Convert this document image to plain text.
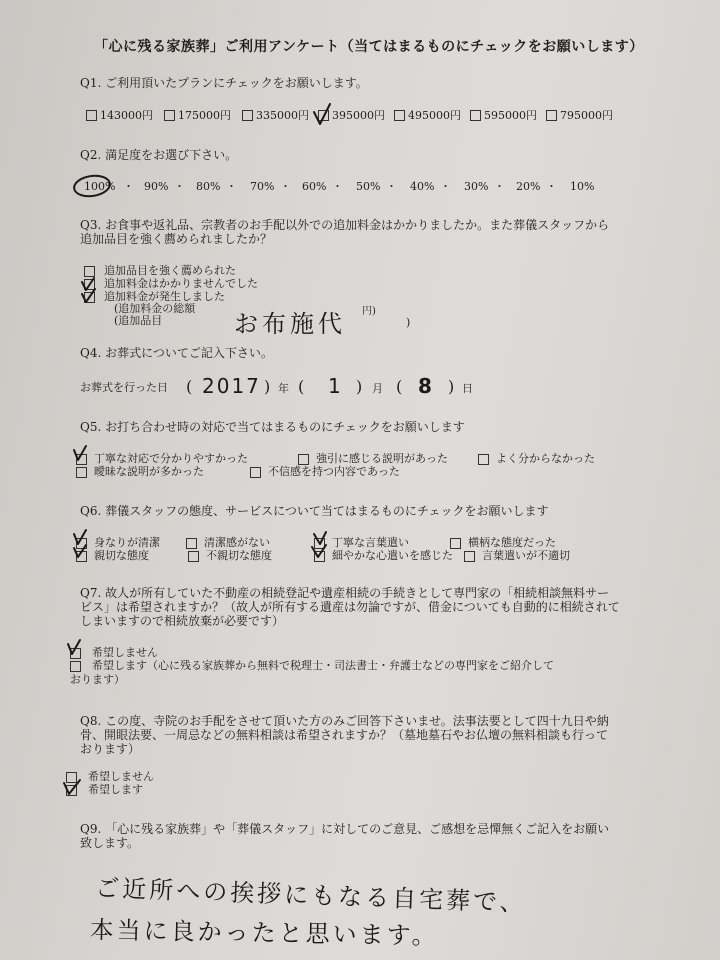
「心に残る家族葬」ご利用アンケート（当てはまるものにチェックをお願いします）
Q1. ご利用頂いたプランにチェックをお願いします。
143000円 175000円 335000円 395000円 495000円 595000円 795000円
Q2. 満足度をお選び下さい。
100% ・ 90% ・ 80% ・ 70% ・ 60% ・ 50% ・ 40% ・ 30% ・ 20% ・ 10%
Q3. お食事や返礼品、宗教者のお手配以外での追加料金はかかりましたか。また葬儀スタッフから
追加品目を強く薦められましたか？
追加品目を強く薦められた
追加料金はかかりませんでした
追加料金が発生しました
(追加料金の総額	円)
(追加品目	)
お布施代
Q4. お葬式についてご記入下さい。
お葬式を行った日 ( 2017 ) 年 ( 1 ) 月 ( 8 ) 日
Q5. お打ち合わせ時の対応で当てはまるものにチェックをお願いします
丁寧な対応で分かりやすかった	強引に感じる説明があった	よく分からなかった
曖昧な説明が多かった	不信感を持つ内容であった
Q6. 葬儀スタッフの態度、サービスについて当てはまるものにチェックをお願いします
身なりが清潔	清潔感がない	丁寧な言葉遣い	横柄な態度だった
親切な態度	不親切な態度	細やかな心遣いを感じた	言葉遣いが不適切
Q7. 故人が所有していた不動産の相続登記や遺産相続の手続きとして専門家の「相続相談無料サー
ビス」は希望されますか？（故人が所有する遺産は勿論ですが、借金についても自動的に相続されて
しまいますので相続放棄が必要です）
希望しません
希望します（心に残る家族葬から無料で税理士・司法書士・弁護士などの専門家をご紹介して
おります）
Q8. この度、寺院のお手配をさせて頂いた方のみご回答下さいませ。法事法要として四十九日や納
骨、開眼法要、一周忌などの無料相談は希望されますか？（墓地墓石やお仏壇の無料相談も行って
おります）
希望しません
希望します
Q9. 「心に残る家族葬」や「葬儀スタッフ」に対してのご意見、ご感想を忌憚無くご記入をお願い
致します。
ご近所への挨拶にもなる自宅葬で、
本当に良かったと思います。
